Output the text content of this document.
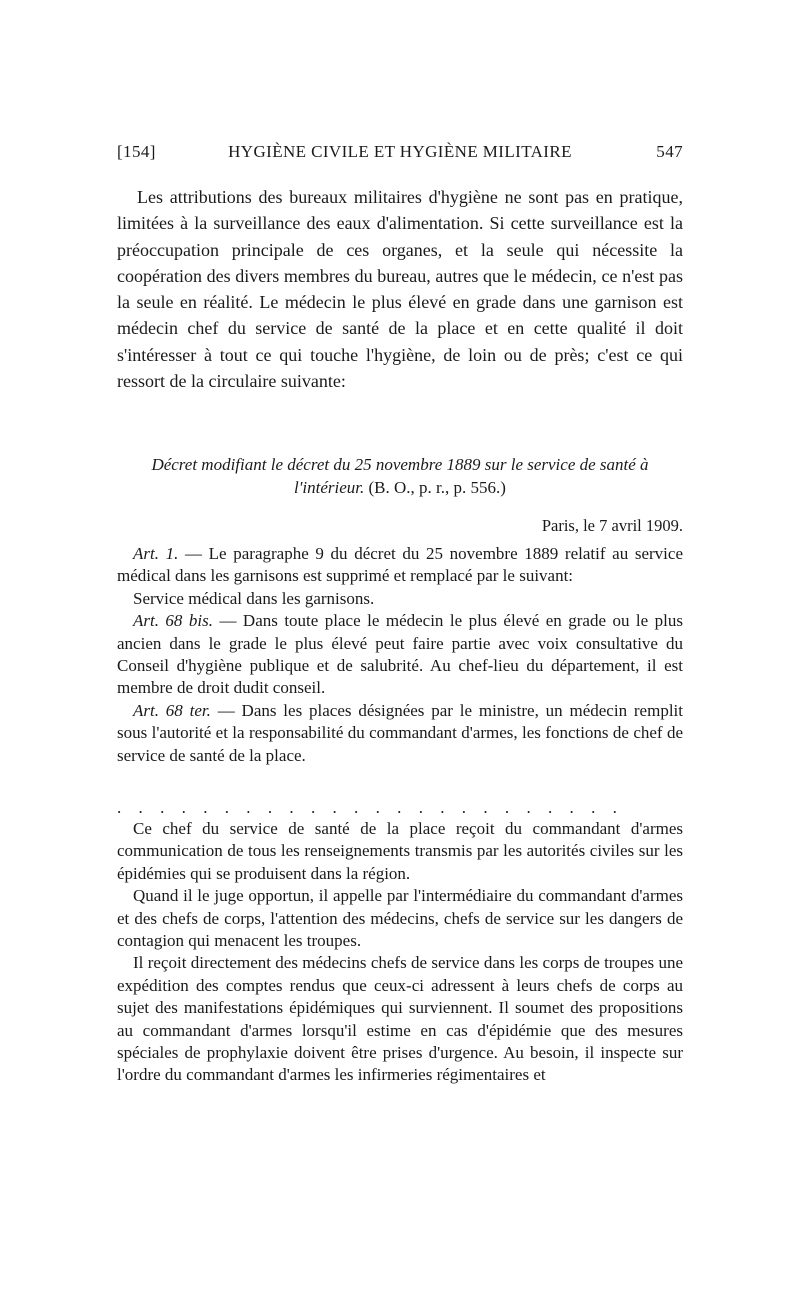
[154]	HYGIÈNE CIVILE ET HYGIÈNE MILITAIRE	547

Les attributions des bureaux militaires d'hygiène ne sont pas en pratique, limitées à la surveillance des eaux d'alimentation. Si cette surveillance est la préoccupation principale de ces organes, et la seule qui nécessite la coopération des divers membres du bureau, autres que le médecin, ce n'est pas la seule en réalité. Le médecin le plus élevé en grade dans une garnison est médecin chef du service de santé de la place et en cette qualité il doit s'intéresser à tout ce qui touche l'hygiène, de loin ou de près; c'est ce qui ressort de la circulaire suivante:

Décret modifiant le décret du 25 novembre 1889 sur le service de santé à l'intérieur. (B. O., p. r., p. 556.)
Paris, le 7 avril 1909.

Art. 1. — Le paragraphe 9 du décret du 25 novembre 1889 relatif au service médical dans les garnisons est supprimé et remplacé par le suivant:

Service médical dans les garnisons.

Art. 68 bis. — Dans toute place le médecin le plus élevé en grade ou le plus ancien dans le grade le plus élevé peut faire partie avec voix consultative du Conseil d'hygiène publique et de salubrité. Au chef-lieu du département, il est membre de droit dudit conseil.

Art. 68 ter. — Dans les places désignées par le ministre, un médecin remplit sous l'autorité et la responsabilité du commandant d'armes, les fonctions de chef de service de santé de la place.

........................

Ce chef du service de santé de la place reçoit du commandant d'armes communication de tous les renseignements transmis par les autorités civiles sur les épidémies qui se produisent dans la région.

Quand il le juge opportun, il appelle par l'intermédiaire du commandant d'armes et des chefs de corps, l'attention des médecins, chefs de service sur les dangers de contagion qui menacent les troupes.

Il reçoit directement des médecins chefs de service dans les corps de troupes une expédition des comptes rendus que ceux-ci adressent à leurs chefs de corps au sujet des manifestations épidémiques qui surviennent. Il soumet des propositions au commandant d'armes lorsqu'il estime en cas d'épidémie que des mesures spéciales de prophylaxie doivent être prises d'urgence. Au besoin, il inspecte sur l'ordre du commandant d'armes les infirmeries régimentaires et
